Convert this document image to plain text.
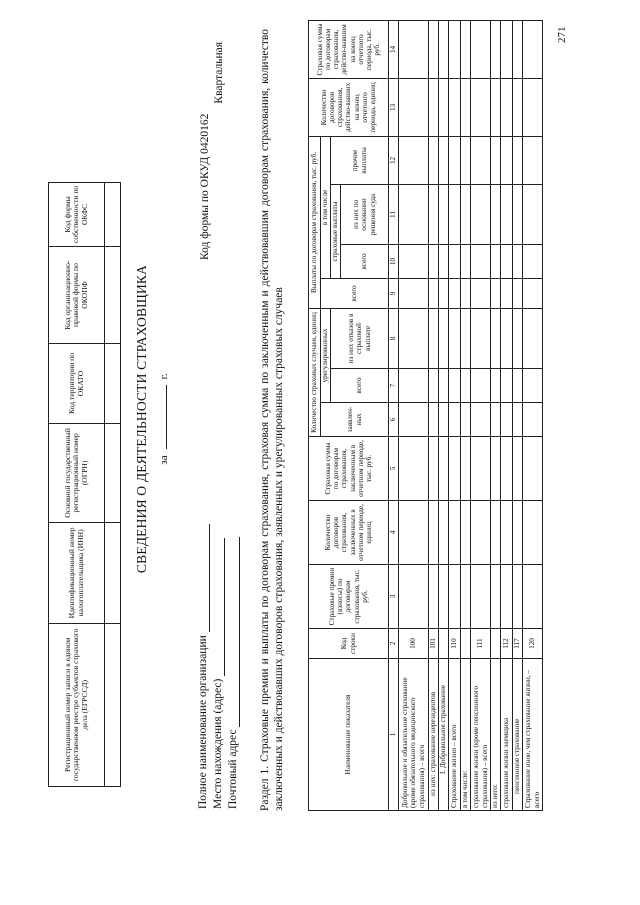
Регистрационный номер записи в едином государственном реестре субъектов страхового дела (ЕГРССД)	Идентификационный номер налогоплательщика (ИНН)	Основной государственный регистрационный номер (ОГРН)	Код территории по ОКАТО	Код организационно-правовой формы по ОКОПФ	Код формы собственности по ОКФС	

СВЕДЕНИЯ О ДЕЯТЕЛЬНОСТИ СТРАХОВЩИКА заг.
Полное наименование организации Место нахождения (адрес) Почтовый адрес
Код формы по ОКУД 0420162
Квартальная	Раздел 1. Страховые премии и выплаты по договорам страхования, страховая сумма по заключенным и действовавшим договорам страхования, количество заключенных и действовавших договоров страхования, заявленных и урегулированных страховых случаев	Наименование показателя	Код строки	Страховые премии (взносы) по договорам страхования, тыс. руб.	Количество договоров страхования, заключенных в отчетном периоде, единиц	Страховая сумма по договорам страхования, заключенным в отчетном периоде, тыс. руб.	Количество страховых случаев, единиц			Выплаты по договорам страхования, тыс. руб.				Количество договоров страхования, действо-вавших на конец отчетного периода, единиц	Страховая сумма по договорам страхования, действо-вавшим на конец отчетного периода, тыс. руб.
					заявлен-ных	урегулированных		всего	в том числе				
						всего	из них отказов в страховой выплате		страховые выплаты		прочие выплаты		
									всего	из них по основании решения суда			
1	2	3	4	5	6	7	8	9	10	11	12	13	14
Добровольное и обязательное страхование (кроме обязательного медицинского страхования) – всего	100												
из них: страхование нерезидентов	101												
I. Добровольное страхование													
Страхование жизни – всего	110												
в том числе:													
страхование жизни (кроме пенсионного страхования) – всего	111												
из него:													
страхование жизни заемщика	112												
пенсионное страхование	117												
Страхование иное, чем страхование жизни, – всего	120												
271
